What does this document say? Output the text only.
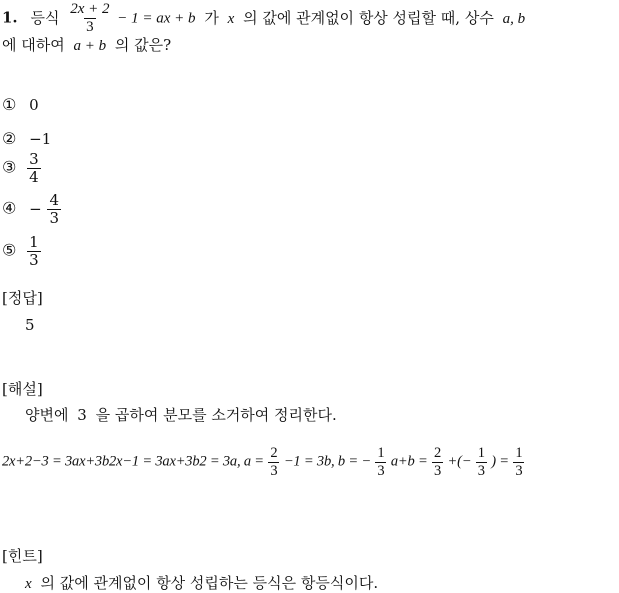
1. 등식 $\frac{2x + 2}{3} - 1$ = ax + b 가 x 의 값에 관계없이 항상 성립할 때, 상수 a, b
에 대하여 a + b 의 값은?
① 0
② −1
③ $\frac{3}{4}$
④ − $\frac{4}{3}$
⑤ $\frac{1}{3}$
[정답]
5
[해설]
양변에 3 을 곱하여 분모를 소거하여 정리한다.
2x+2−3 = 3ax+3b2x−1 = 3ax+3b2 = 3a, $a = \frac{2}{3} -1 = 3b$, b = − $\frac{1}{3} a+b = \frac{2}{3}$ +(− $\frac{1}{3}$ ) = $\frac{1}{3}$
[힌트]
x 의 값에 관계없이 항상 성립하는 등식은 항등식이다.
